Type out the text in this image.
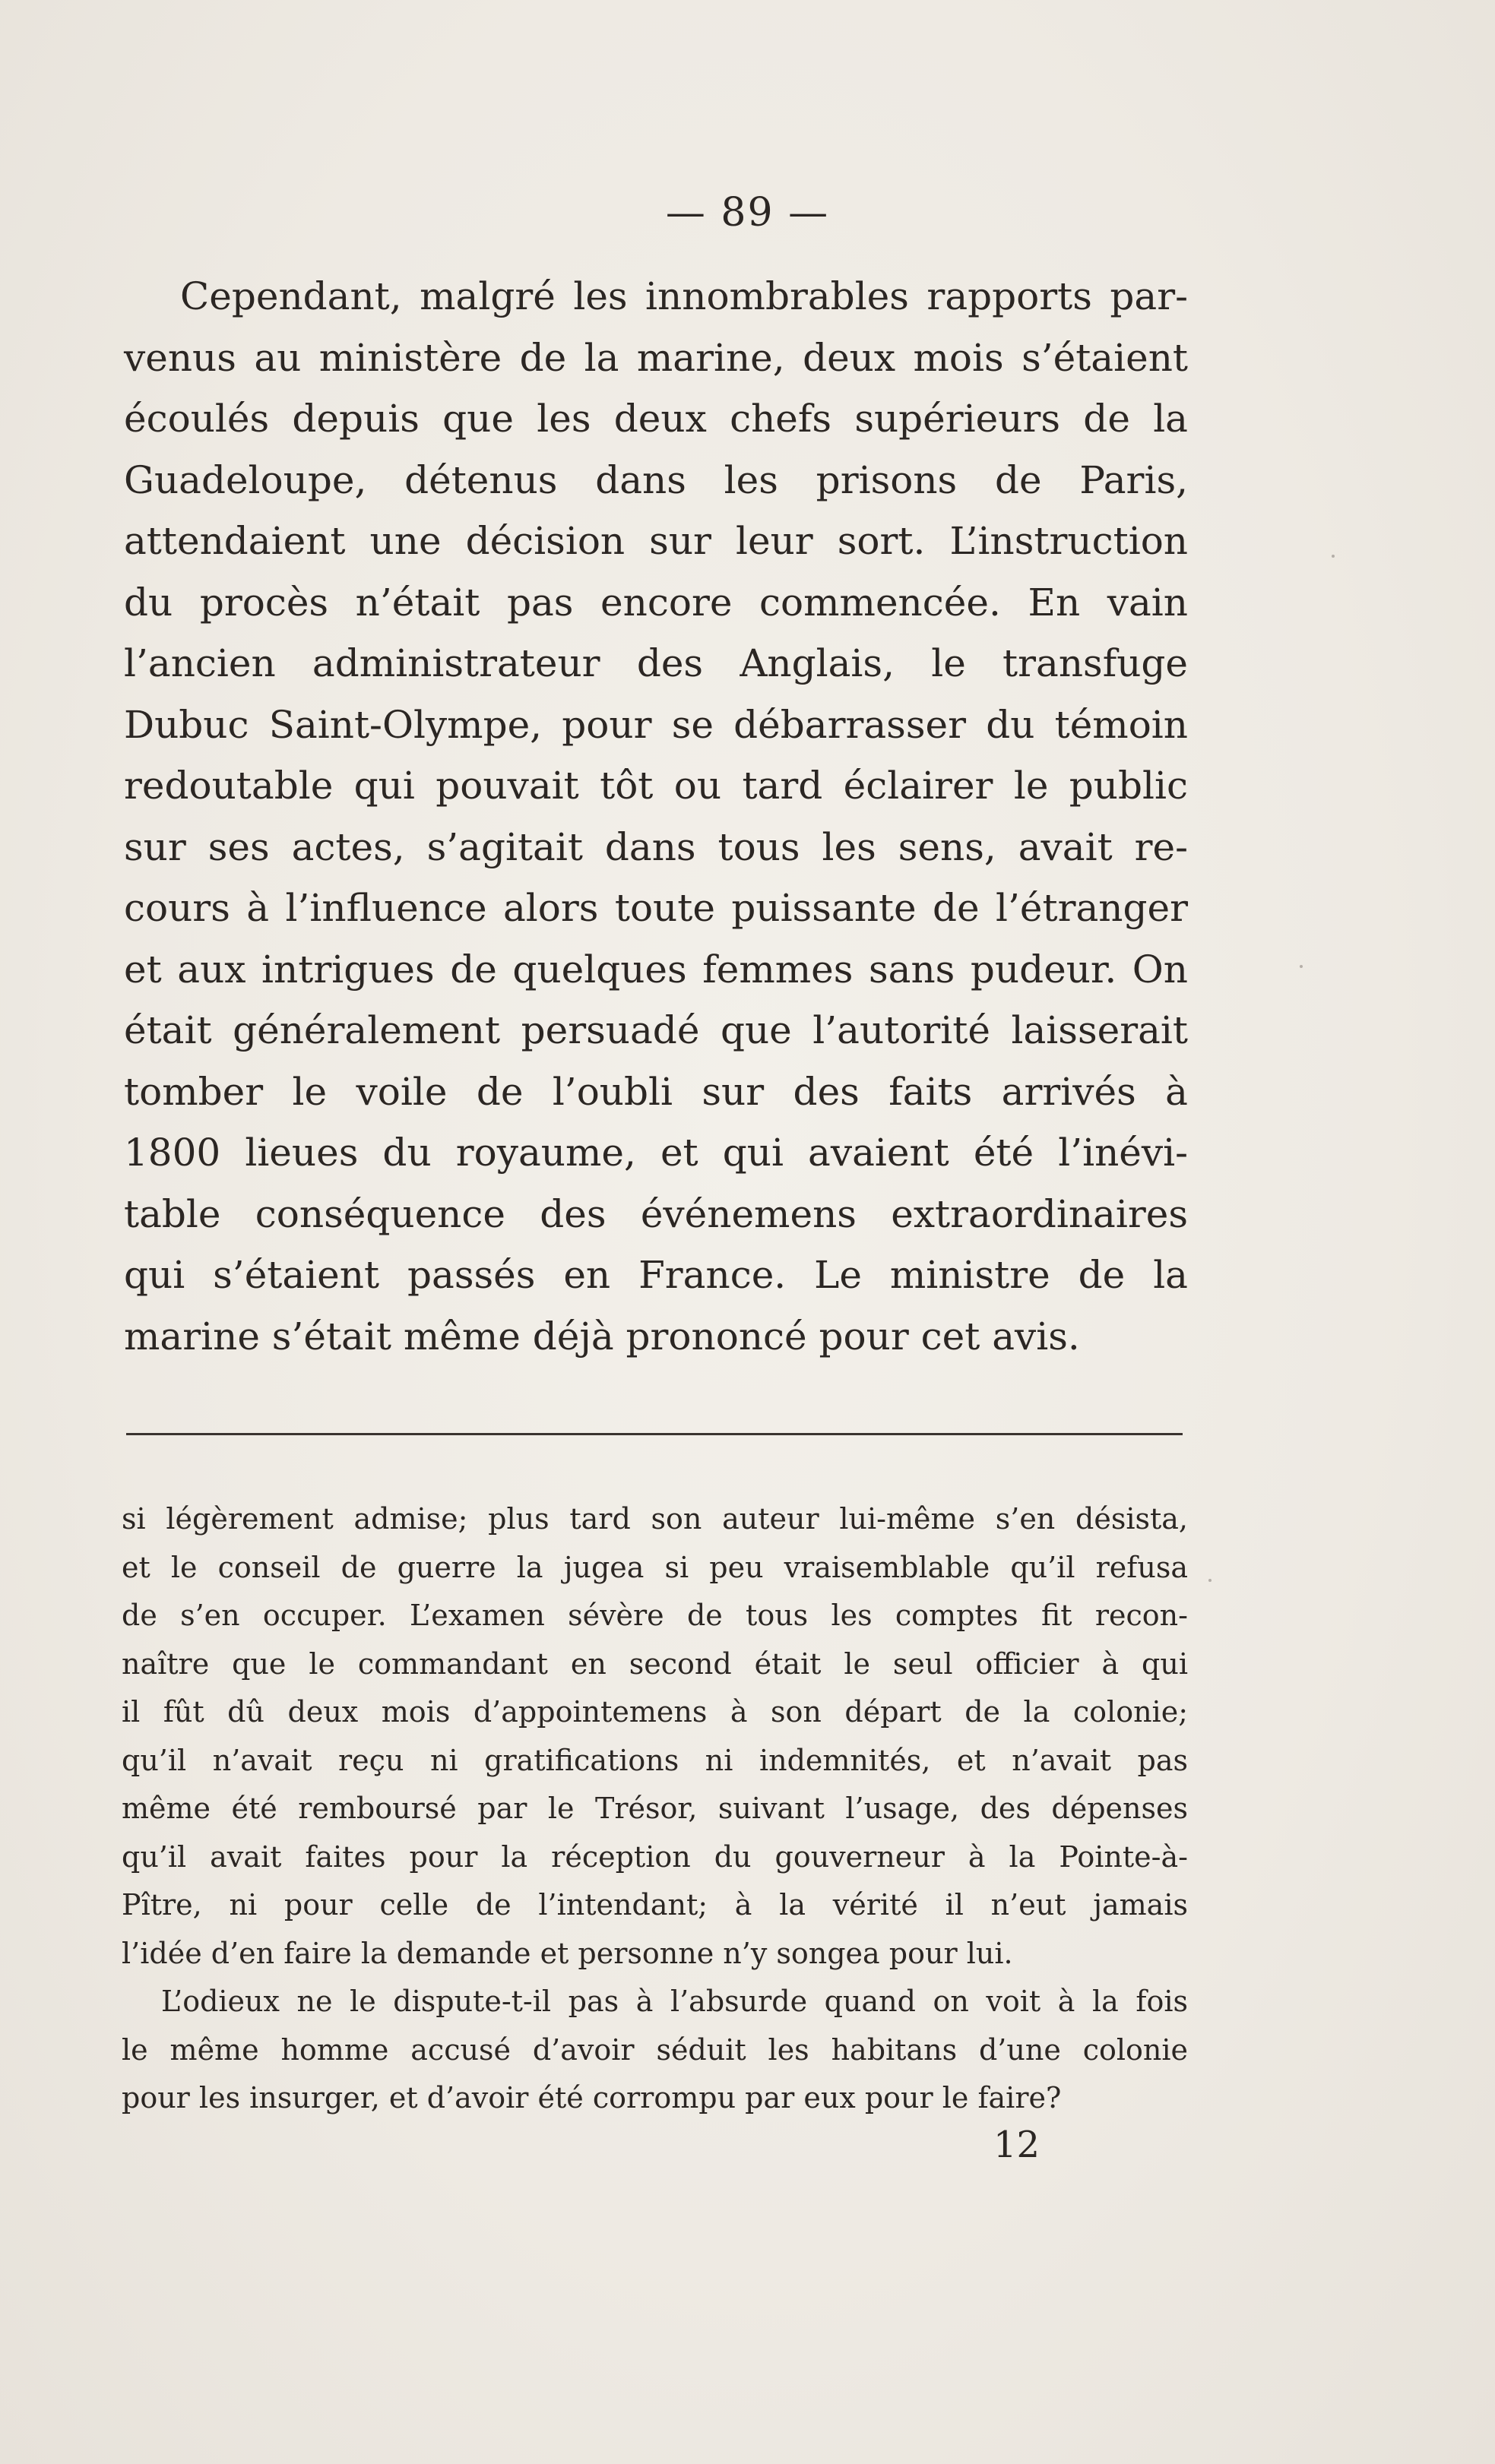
— 89 —
Cependant, malgré les innombrables rapports par-
venus au ministère de la marine, deux mois s’étaient
écoulés depuis que les deux chefs supérieurs de la
Guadeloupe, détenus dans les prisons de Paris,
attendaient une décision sur leur sort. L’instruction
du procès n’était pas encore commencée. En vain
l’ancien administrateur des Anglais, le transfuge
Dubuc Saint-Olympe, pour se débarrasser du témoin
redoutable qui pouvait tôt ou tard éclairer le public
sur ses actes, s’agitait dans tous les sens, avait re-
cours à l’influence alors toute puissante de l’étranger
et aux intrigues de quelques femmes sans pudeur. On
était généralement persuadé que l’autorité laisserait
tomber le voile de l’oubli sur des faits arrivés à
1800 lieues du royaume, et qui avaient été l’inévi-
table conséquence des événemens extraordinaires
qui s’étaient passés en France. Le ministre de la
marine s’était même déjà prononcé pour cet avis.
si légèrement admise; plus tard son auteur lui-même s’en désista,
et le conseil de guerre la jugea si peu vraisemblable qu’il refusa
de s’en occuper. L’examen sévère de tous les comptes fit recon-
naître que le commandant en second était le seul officier à qui
il fût dû deux mois d’appointemens à son départ de la colonie;
qu’il n’avait reçu ni gratifications ni indemnités, et n’avait pas
même été remboursé par le Trésor, suivant l’usage, des dépenses
qu’il avait faites pour la réception du gouverneur à la Pointe-à-
Pître, ni pour celle de l’intendant; à la vérité il n’eut jamais
l’idée d’en faire la demande et personne n’y songea pour lui.
L’odieux ne le dispute-t-il pas à l’absurde quand on voit à la fois
le même homme accusé d’avoir séduit les habitans d’une colonie
pour les insurger, et d’avoir été corrompu par eux pour le faire?
12
